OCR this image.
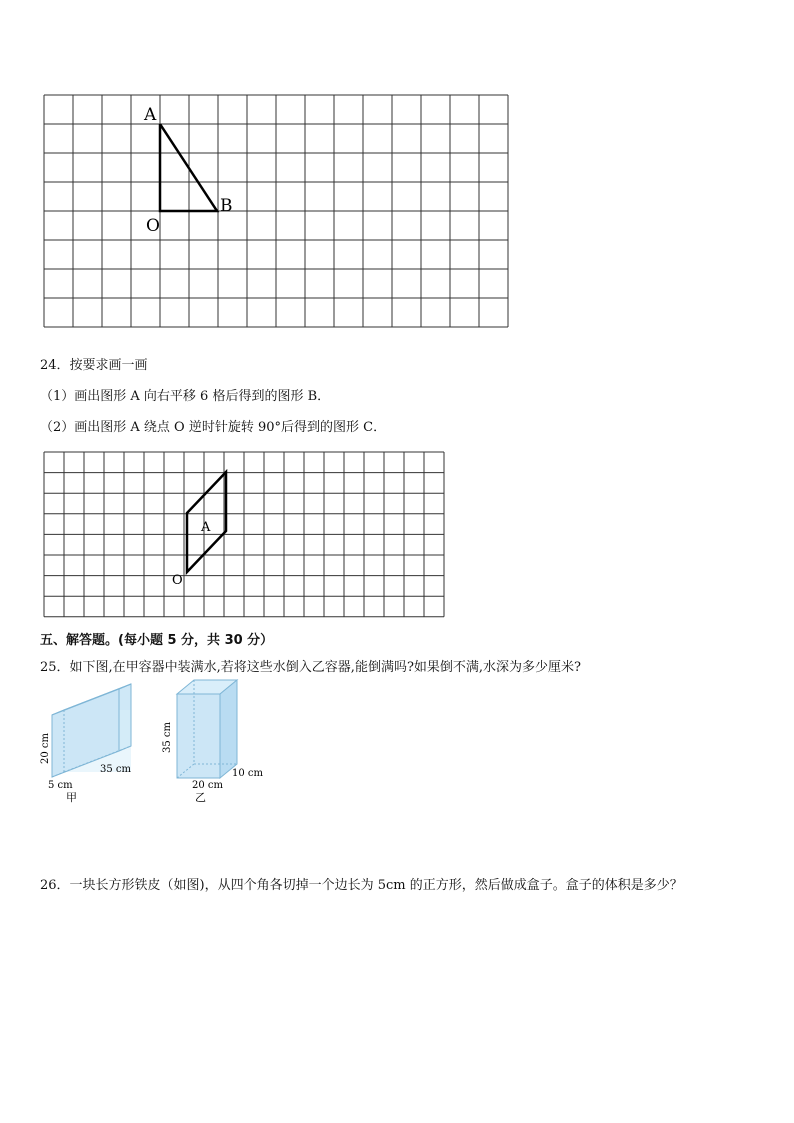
A
B
O
24．按要求画一画
（1）画出图形 A 向右平移 6 格后得到的图形 B．
（2）画出图形 A 绕点 O 逆时针旋转 90°后得到的图形 C．
A
O
五、解答题。(每小题 5 分，共 30 分）
25．如下图,在甲容器中装满水,若将这些水倒入乙容器,能倒满吗?如果倒不满,水深为多少厘米?
20 cm
35 cm
5 cm
甲
35 cm
20 cm
10 cm
乙
26．一块长方形铁皮（如图)，从四个角各切掉一个边长为 5cm 的正方形，然后做成盒子。盒子的体积是多少？
